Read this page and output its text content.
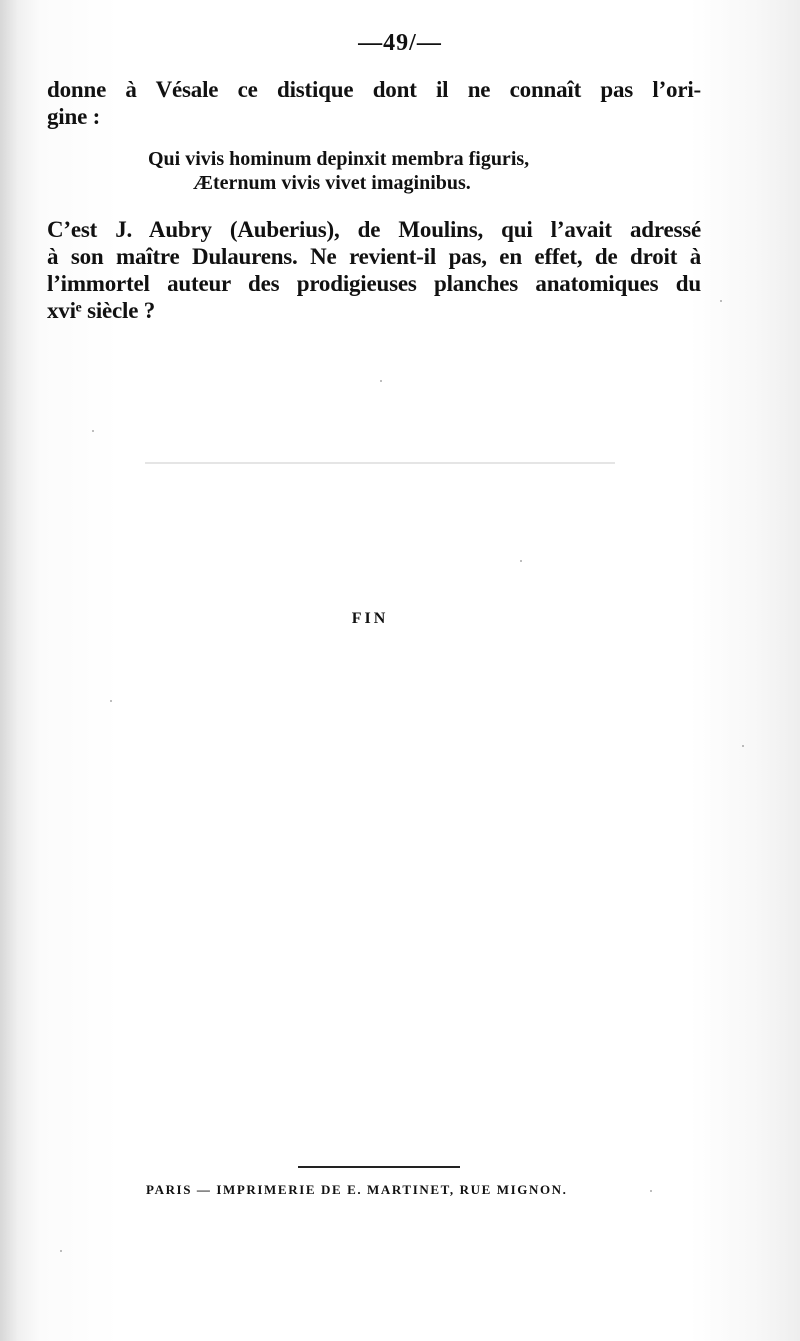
—49/—
donne à Vésale ce distique dont il ne connaît pas l’ori-
gine :
Qui vivis hominum depinxit membra figuris,
Æternum vivis vivet imaginibus.
C’est J. Aubry (Auberius), de Moulins, qui l’avait adressé
à son maître Dulaurens. Ne revient-il pas, en effet, de droit à
l’immortel auteur des prodigieuses planches anatomiques du
xviᵉ siècle ?
FIN
PARIS — IMPRIMERIE DE E. MARTINET, RUE MIGNON.
